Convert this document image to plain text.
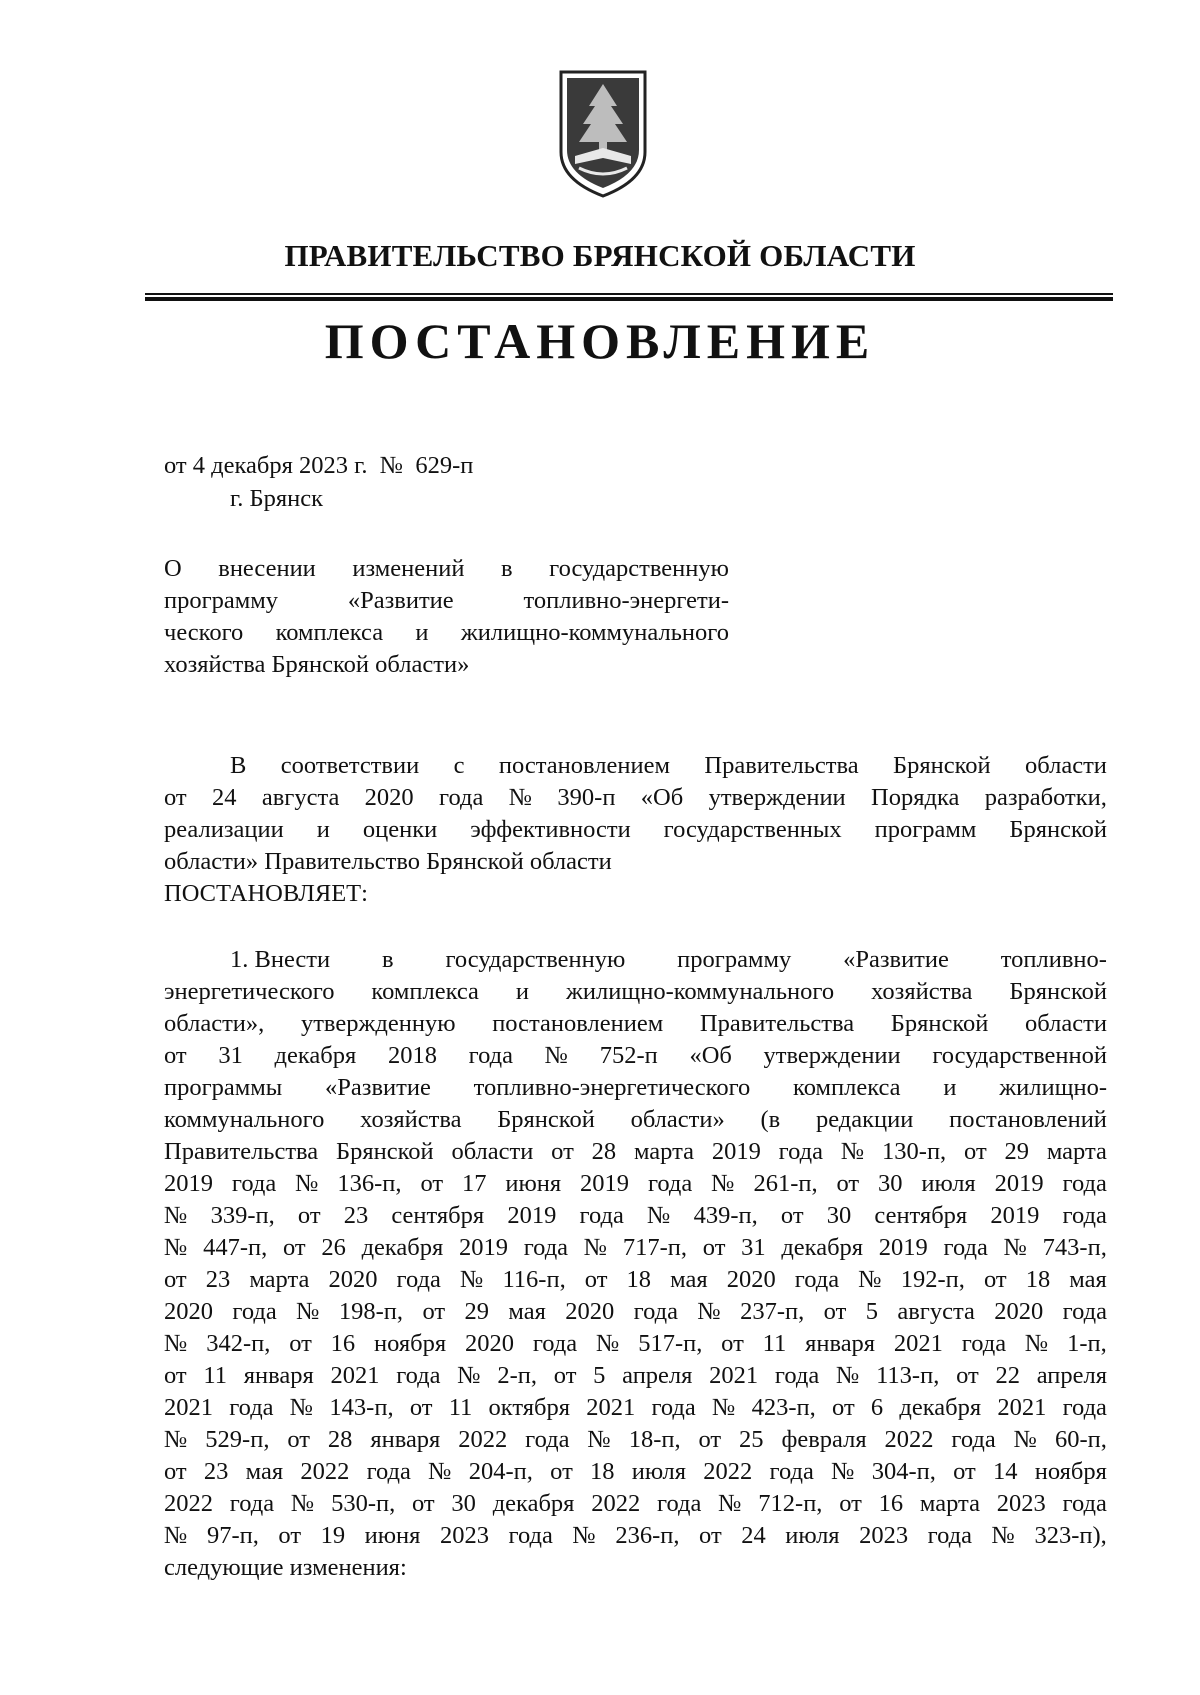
ПРАВИТЕЛЬСТВО БРЯНСКОЙ ОБЛАСТИ
ПОСТАНОВЛЕНИЕ
от 4 декабря 2023 г.  №  629-п
г. Брянск
О внесении изменений в государственную
программу	«Развитие	топливно-энергети-
ческого комплекса и жилищно-коммунального
хозяйства Брянской области»
В соответствии с постановлением Правительства Брянской области
от 24 августа 2020 года № 390-п «Об утверждении Порядка разработки,
реализации и оценки эффективности государственных программ Брянской
области» Правительство Брянской области
ПОСТАНОВЛЯЕТ:
1. Внести в государственную программу «Развитие топливно-
энергетического комплекса и жилищно-коммунального хозяйства Брянской
области», утвержденную постановлением Правительства Брянской области
от 31 декабря 2018 года № 752-п «Об утверждении государственной
программы «Развитие топливно-энергетического комплекса и жилищно-
коммунального хозяйства Брянской области» (в редакции постановлений
Правительства Брянской области от 28 марта 2019 года № 130-п, от 29 марта
2019 года № 136-п, от 17 июня 2019 года № 261-п, от 30 июля 2019 года
№ 339-п, от 23 сентября 2019 года № 439-п, от 30 сентября 2019 года
№ 447-п, от 26 декабря 2019 года № 717-п, от 31 декабря 2019 года № 743-п,
от 23 марта 2020 года № 116-п, от 18 мая 2020 года № 192-п, от 18 мая
2020 года № 198-п, от 29 мая 2020 года № 237-п, от 5 августа 2020 года
№ 342-п, от 16 ноября 2020 года № 517-п, от 11 января 2021 года № 1-п,
от 11 января 2021 года № 2-п, от 5 апреля 2021 года № 113-п, от 22 апреля
2021 года № 143-п, от 11 октября 2021 года № 423-п, от 6 декабря 2021 года
№ 529-п, от 28 января 2022 года № 18-п, от 25 февраля 2022 года № 60-п,
от 23 мая 2022 года № 204-п, от 18 июля 2022 года № 304-п, от 14 ноября
2022 года № 530-п, от 30 декабря 2022 года № 712-п, от 16 марта 2023 года
№ 97-п, от 19 июня 2023 года № 236-п, от 24 июля 2023 года № 323-п),
следующие изменения:
